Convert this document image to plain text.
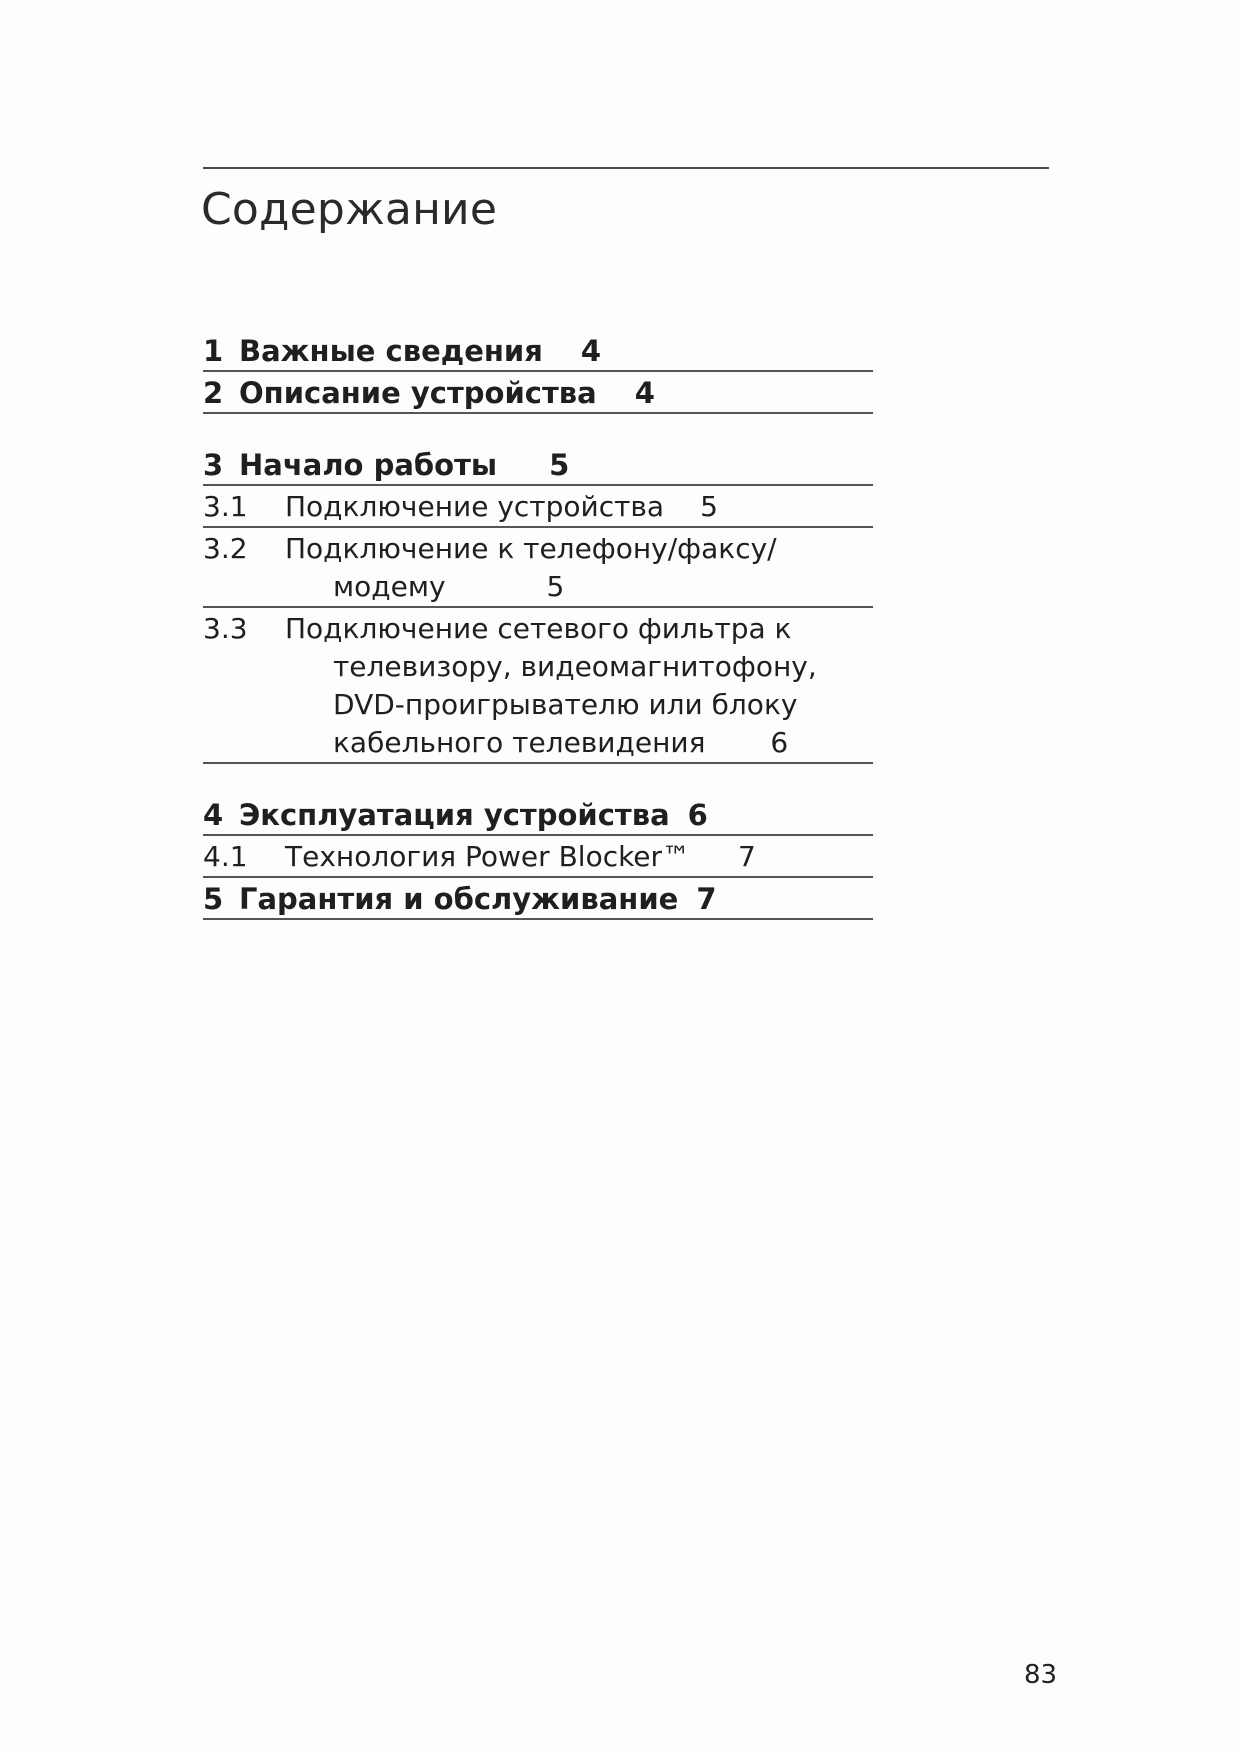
Содержание
1 Важные сведения 4
2 Описание устройства 4
3 Начало работы 5
3.1	Подключение устройства 5
3.2	Подключение к телефону/факсу/
модему	5
3.3	Подключение сетевого фильтра к
телевизору, видеомагнитофону,
DVD-проигрывателю или блоку
кабельного телевидения 6
4 Эксплуатация устройства 6
4.1	Технология Power Blocker™ 7
5 Гарантия и обслуживание 7
83
